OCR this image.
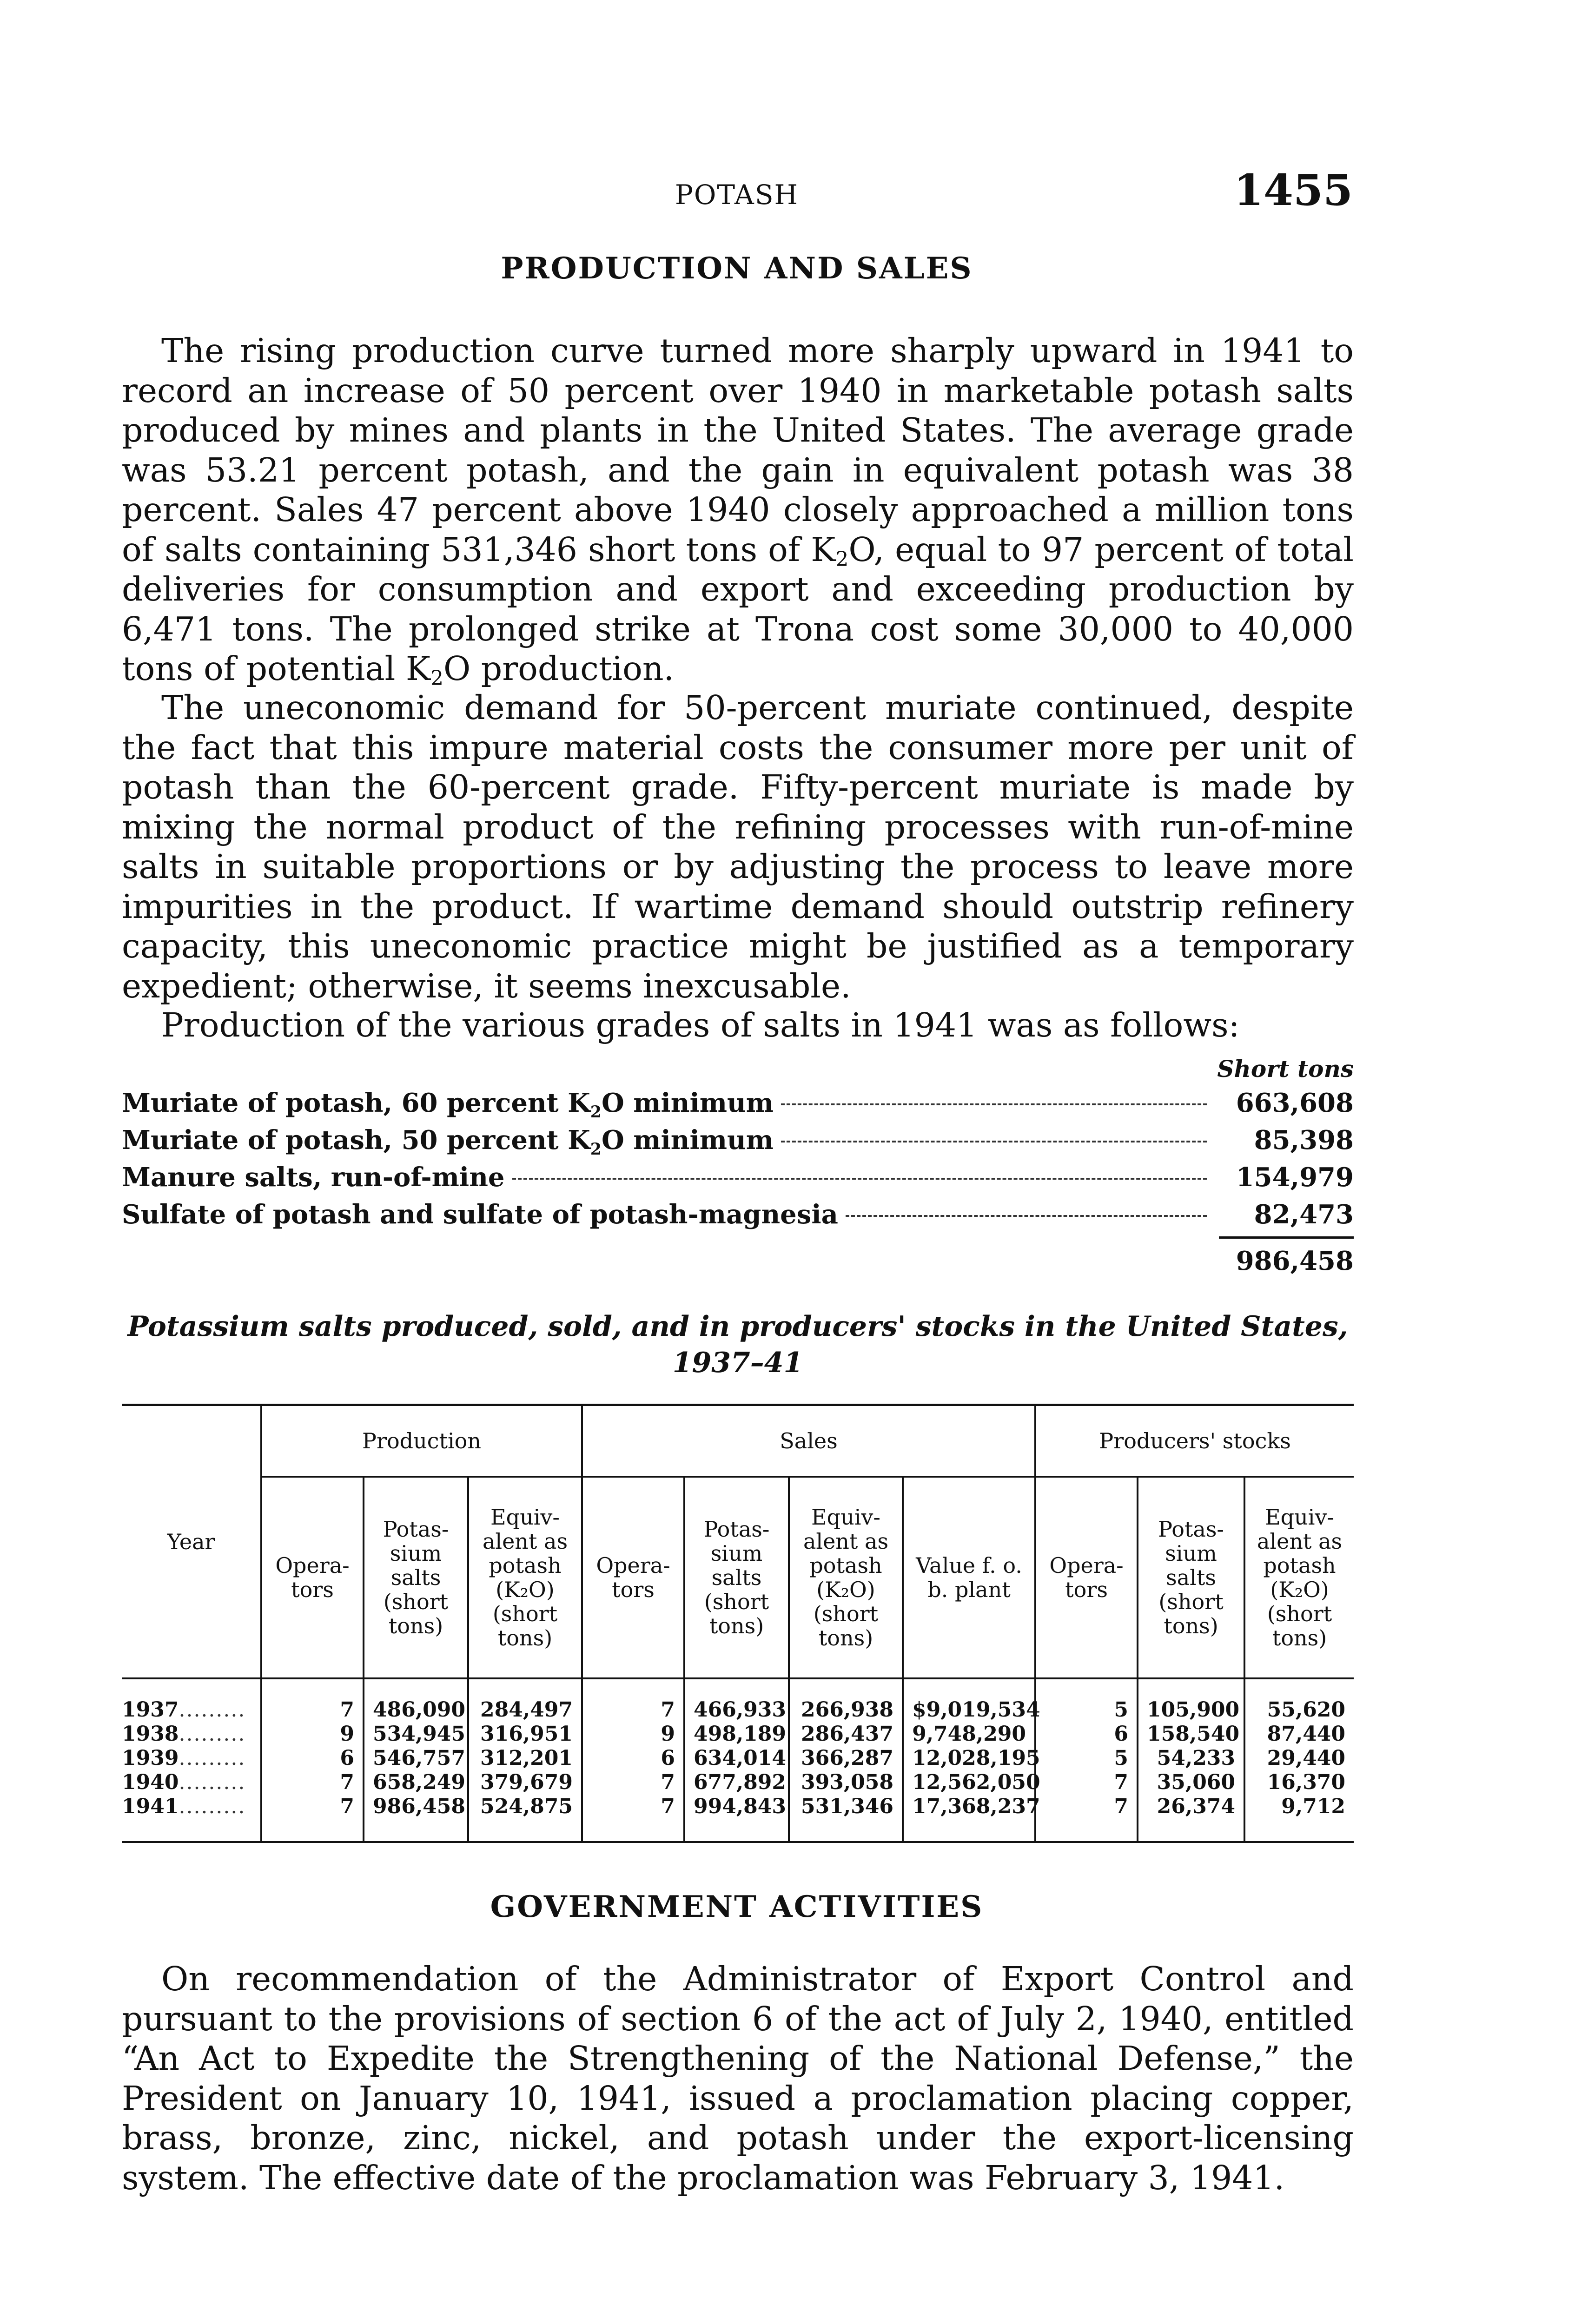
POTASH	1455
PRODUCTION AND SALES

The rising production curve turned more sharply upward in 1941 to record an increase of 50 percent over 1940 in marketable potash salts produced by mines and plants in the United States. The average grade was 53.21 percent potash, and the gain in equivalent potash was 38 percent. Sales 47 percent above 1940 closely approached a million tons of salts containing 531,346 short tons of $K_2O$, equal to 97 percent of total deliveries for consumption and export and exceeding production by 6,471 tons. The prolonged strike at Trona cost some 30,000 to 40,000 tons of potential $K_2O$ production.

The uneconomic demand for 50-percent muriate continued, despite the fact that this impure material costs the consumer more per unit of potash than the 60-percent grade. Fifty-percent muriate is made by mixing the normal product of the refining processes with run-of-mine salts in suitable proportions or by adjusting the process to leave more impurities in the product. If wartime demand should outstrip refinery capacity, this uneconomic practice might be justified as a temporary expedient; otherwise, it seems inexcusable.

Production of the various grades of salts in 1941 was as follows:

Short tons
Muriate of potash, 60 percent $K_2O$ minimum	663,608
Muriate of potash, 50 percent $K_2O$ minimum	85,398
Manure salts, run-of-mine	154,979
Sulfate of potash and sulfate of potash-magnesia	82,473
986,458
Potassium salts produced, sold, and in producers' stocks in the United States,
1937–41
Year	Production			Sales				Producers' stocks		
	Opera-tors	Potas-sium salts (short tons)	Equiv-alent as potash (K₂O) (short tons)	Opera-tors	Potas-sium salts (short tons)	Equiv-alent as potash (K₂O) (short tons)	Value f. o. b. plant	Opera-tors	Potas-sium salts (short tons)	Equiv-alent as potash (K₂O) (short tons)
1937.........	7	486,090	284,497	7	466,933	266,938	$9,019,534	5	105,900	55,620
1938.........	9	534,945	316,951	9	498,189	286,437	9,748,290	6	158,540	87,440
1939.........	6	546,757	312,201	6	634,014	366,287	12,028,195	5	54,233	29,440
1940.........	7	658,249	379,679	7	677,892	393,058	12,562,050	7	35,060	16,370
1941.........	7	986,458	524,875	7	994,843	531,346	17,368,237	7	26,374	9,712
GOVERNMENT ACTIVITIES

On recommendation of the Administrator of Export Control and pursuant to the provisions of section 6 of the act of July 2, 1940, entitled “An Act to Expedite the Strengthening of the National Defense,” the President on January 10, 1941, issued a proclamation placing copper, brass, bronze, zinc, nickel, and potash under the export-licensing system. The effective date of the proclamation was February 3, 1941.
